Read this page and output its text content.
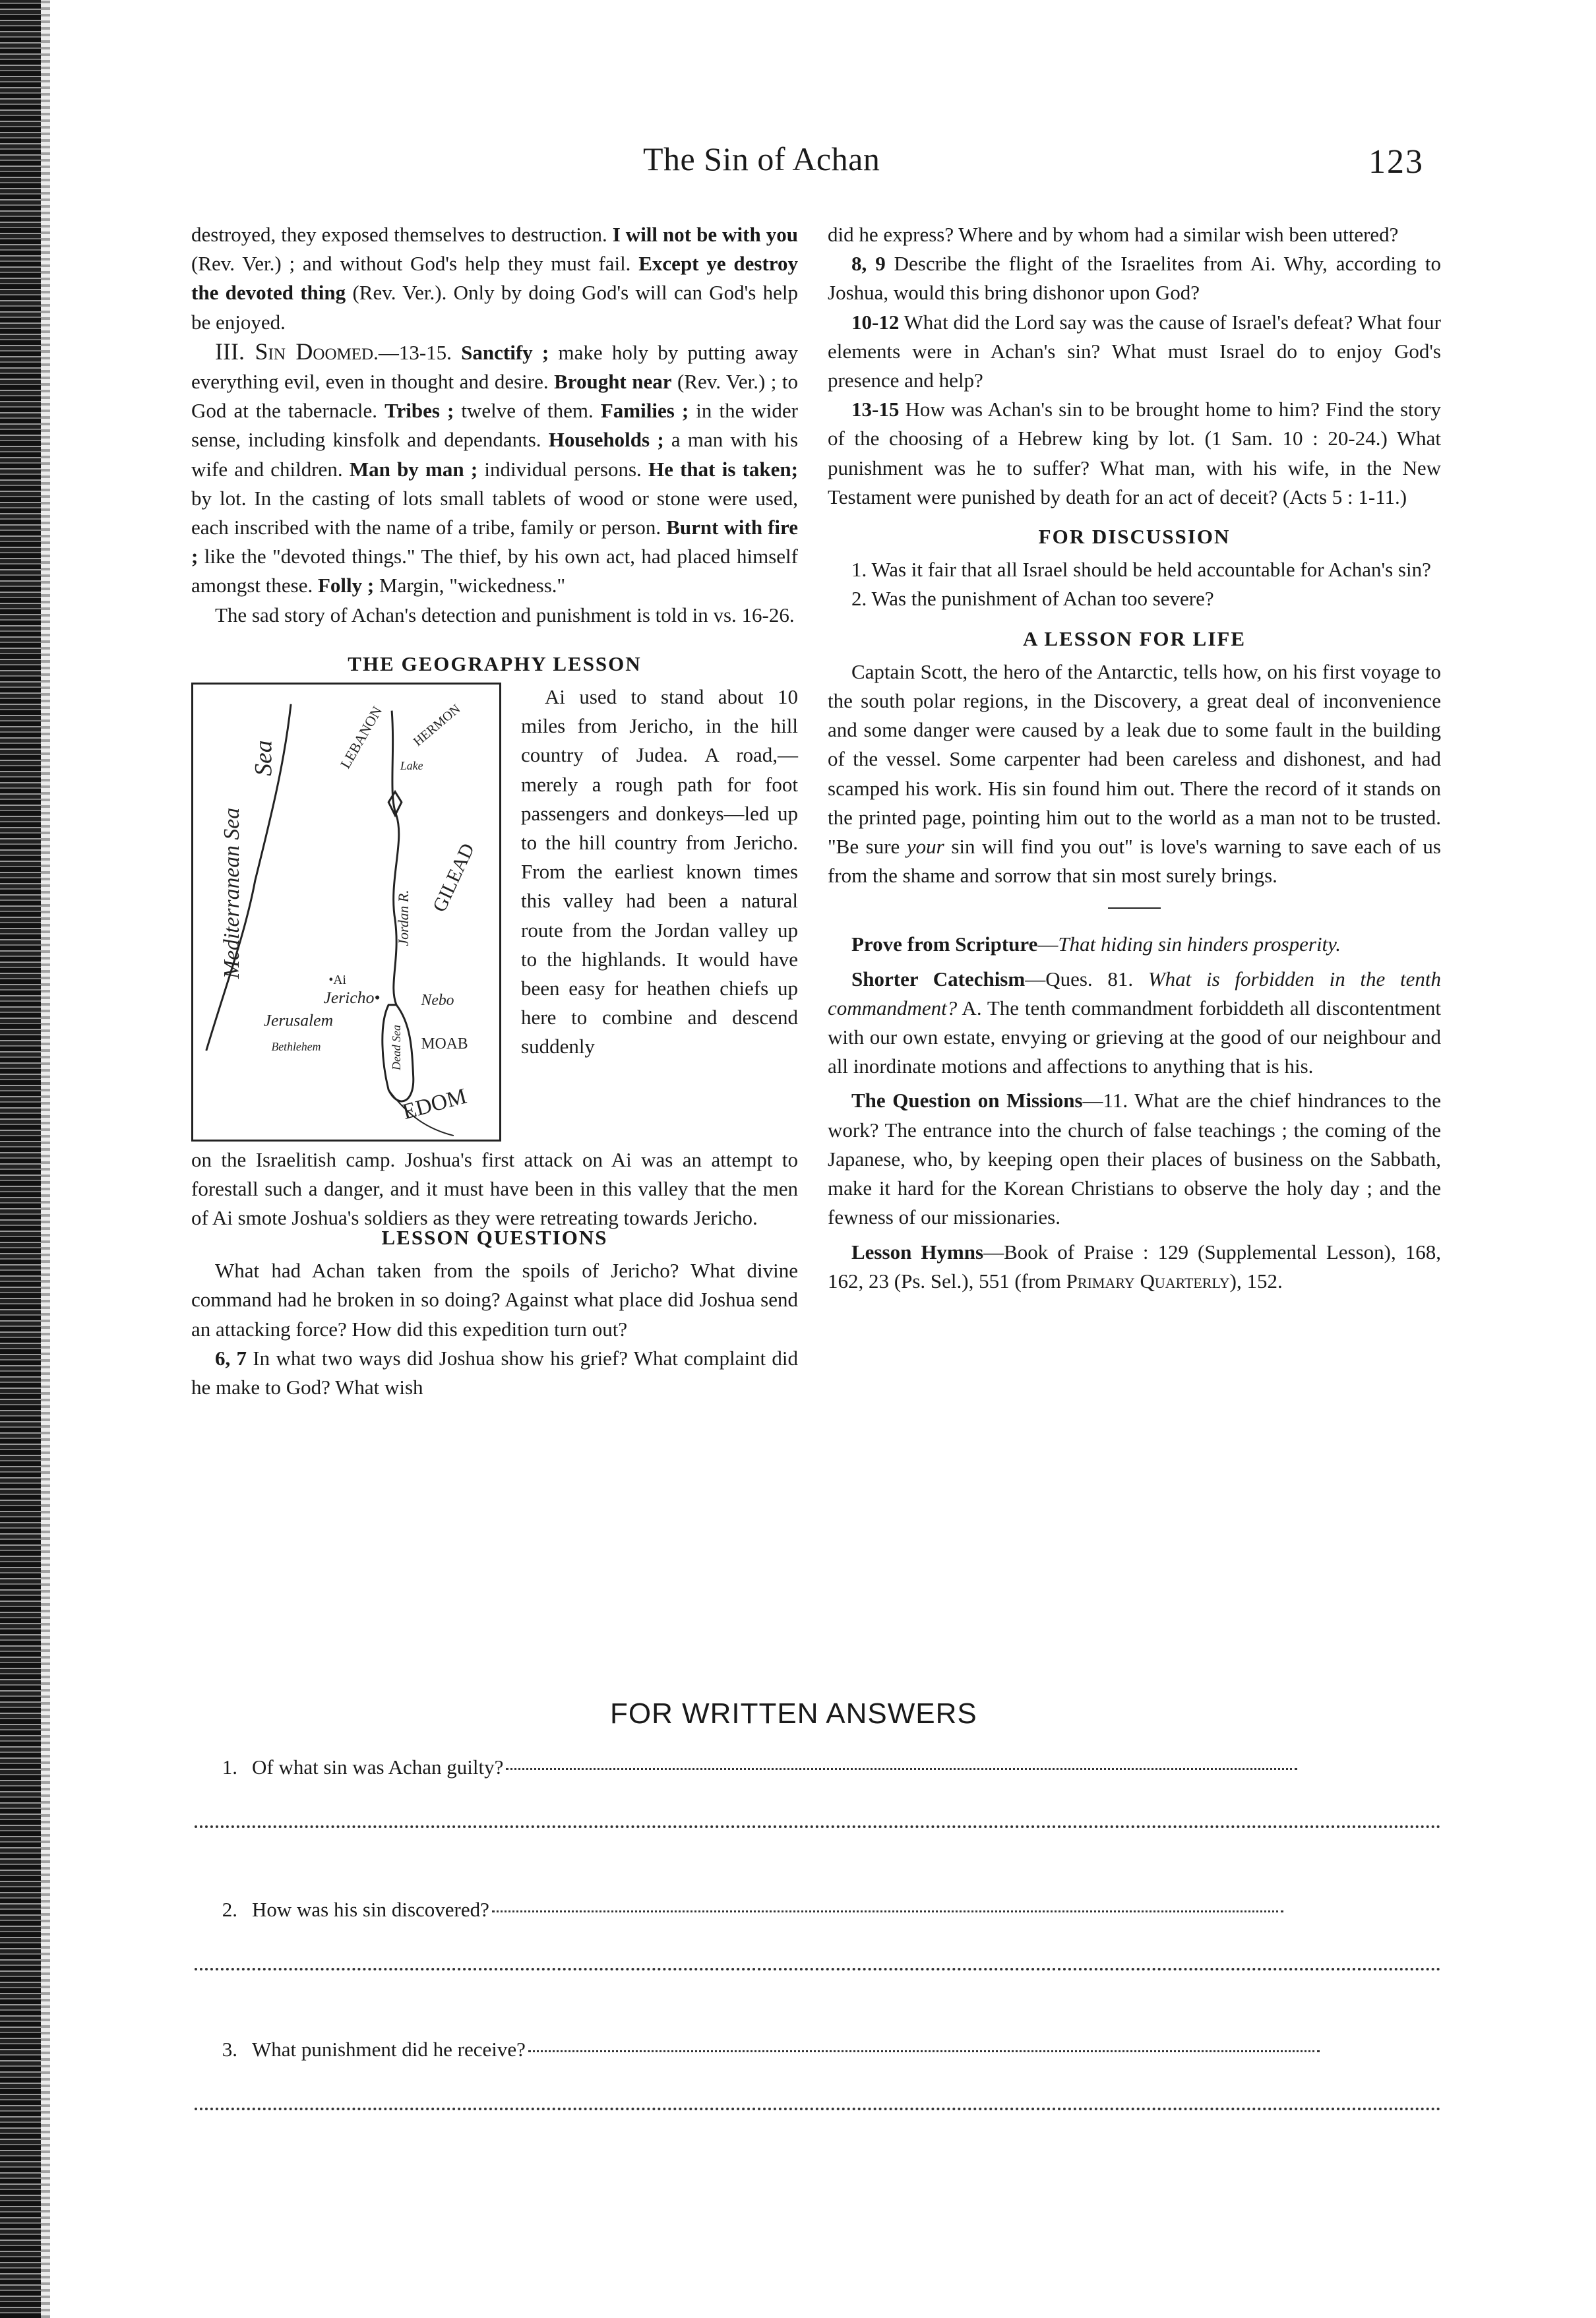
The Sin of Achan	123

destroyed, they exposed themselves to destruction. I will not be with you (Rev. Ver.) ; and without God's help they must fail. Except ye destroy the devoted thing (Rev. Ver.). Only by doing God's will can God's help be enjoyed.

III. Sin Doomed.—13-15. Sanctify ; make holy by putting away everything evil, even in thought and desire. Brought near (Rev. Ver.) ; to God at the tabernacle. Tribes ; twelve of them. Families ; in the wider sense, including kinsfolk and dependants. Households ; a man with his wife and children. Man by man ; individual persons. He that is taken; by lot. In the casting of lots small tablets of wood or stone were used, each inscribed with the name of a tribe, family or person. Burnt with fire ; like the "devoted things." The thief, by his own act, had placed himself amongst these. Folly ; Margin, "wickedness."

The sad story of Achan's detection and punishment is told in vs. 16-26.

THE GEOGRAPHY LESSON

Mediterranean Sea
Sea	LEBANON HERMON
Lake
Jordan R.
GILEAD
•Ai
Jericho•
Jerusalem
Bethlehem
Nebo
MOAB
Dead Sea
EDOM
Ai used to stand about 10 miles from Jericho, in the hill country of Judea. A road,—merely a rough path for foot passengers and donkeys—led up to the hill country from Jericho. From the earliest known times this valley had been a natural route from the Jordan valley up to the highlands. It would have been easy for heathen chiefs up here to combine and descend suddenly
on the Israelitish camp. Joshua's first attack on Ai was an attempt to forestall such a danger, and it must have been in this valley that the men of Ai smote Joshua's soldiers as they were retreating towards Jericho.

LESSON QUESTIONS

What had Achan taken from the spoils of Jericho? What divine command had he broken in so doing? Against what place did Joshua send an attacking force? How did this expedition turn out?

6, 7 In what two ways did Joshua show his grief? What complaint did he make to God? What wish

did he express? Where and by whom had a similar wish been uttered?

8, 9 Describe the flight of the Israelites from Ai. Why, according to Joshua, would this bring dishonor upon God?

10-12 What did the Lord say was the cause of Israel's defeat? What four elements were in Achan's sin? What must Israel do to enjoy God's presence and help?

13-15 How was Achan's sin to be brought home to him? Find the story of the choosing of a Hebrew king by lot. (1 Sam. 10 : 20-24.) What punishment was he to suffer? What man, with his wife, in the New Testament were punished by death for an act of deceit? (Acts 5 : 1-11.)

FOR DISCUSSION

1. Was it fair that all Israel should be held accountable for Achan's sin?

2. Was the punishment of Achan too severe?

A LESSON FOR LIFE

Captain Scott, the hero of the Antarctic, tells how, on his first voyage to the south polar regions, in the Discovery, a great deal of inconvenience and some danger were caused by a leak due to some fault in the building of the vessel. Some carpenter had been careless and dishonest, and had scamped his work. His sin found him out. There the record of it stands on the printed page, pointing him out to the world as a man not to be trusted. "Be sure your sin will find you out" is love's warning to save each of us from the shame and sorrow that sin most surely brings.

Prove from Scripture—That hiding sin hinders prosperity.

Shorter Catechism—Ques. 81. What is forbidden in the tenth commandment? A. The tenth commandment forbiddeth all discontentment with our own estate, envying or grieving at the good of our neighbour and all inordinate motions and affections to anything that is his.

The Question on Missions—11. What are the chief hindrances to the work? The entrance into the church of false teachings ; the coming of the Japanese, who, by keeping open their places of business on the Sabbath, make it hard for the Korean Christians to observe the holy day ; and the fewness of our missionaries.

Lesson Hymns—Book of Praise : 129 (Supplemental Lesson), 168, 162, 23 (Ps. Sel.), 551 (from Primary Quarterly), 152.

FOR WRITTEN ANSWERS
1. Of what sin was Achan guilty?
2. How was his sin discovered?
3. What punishment did he receive?
